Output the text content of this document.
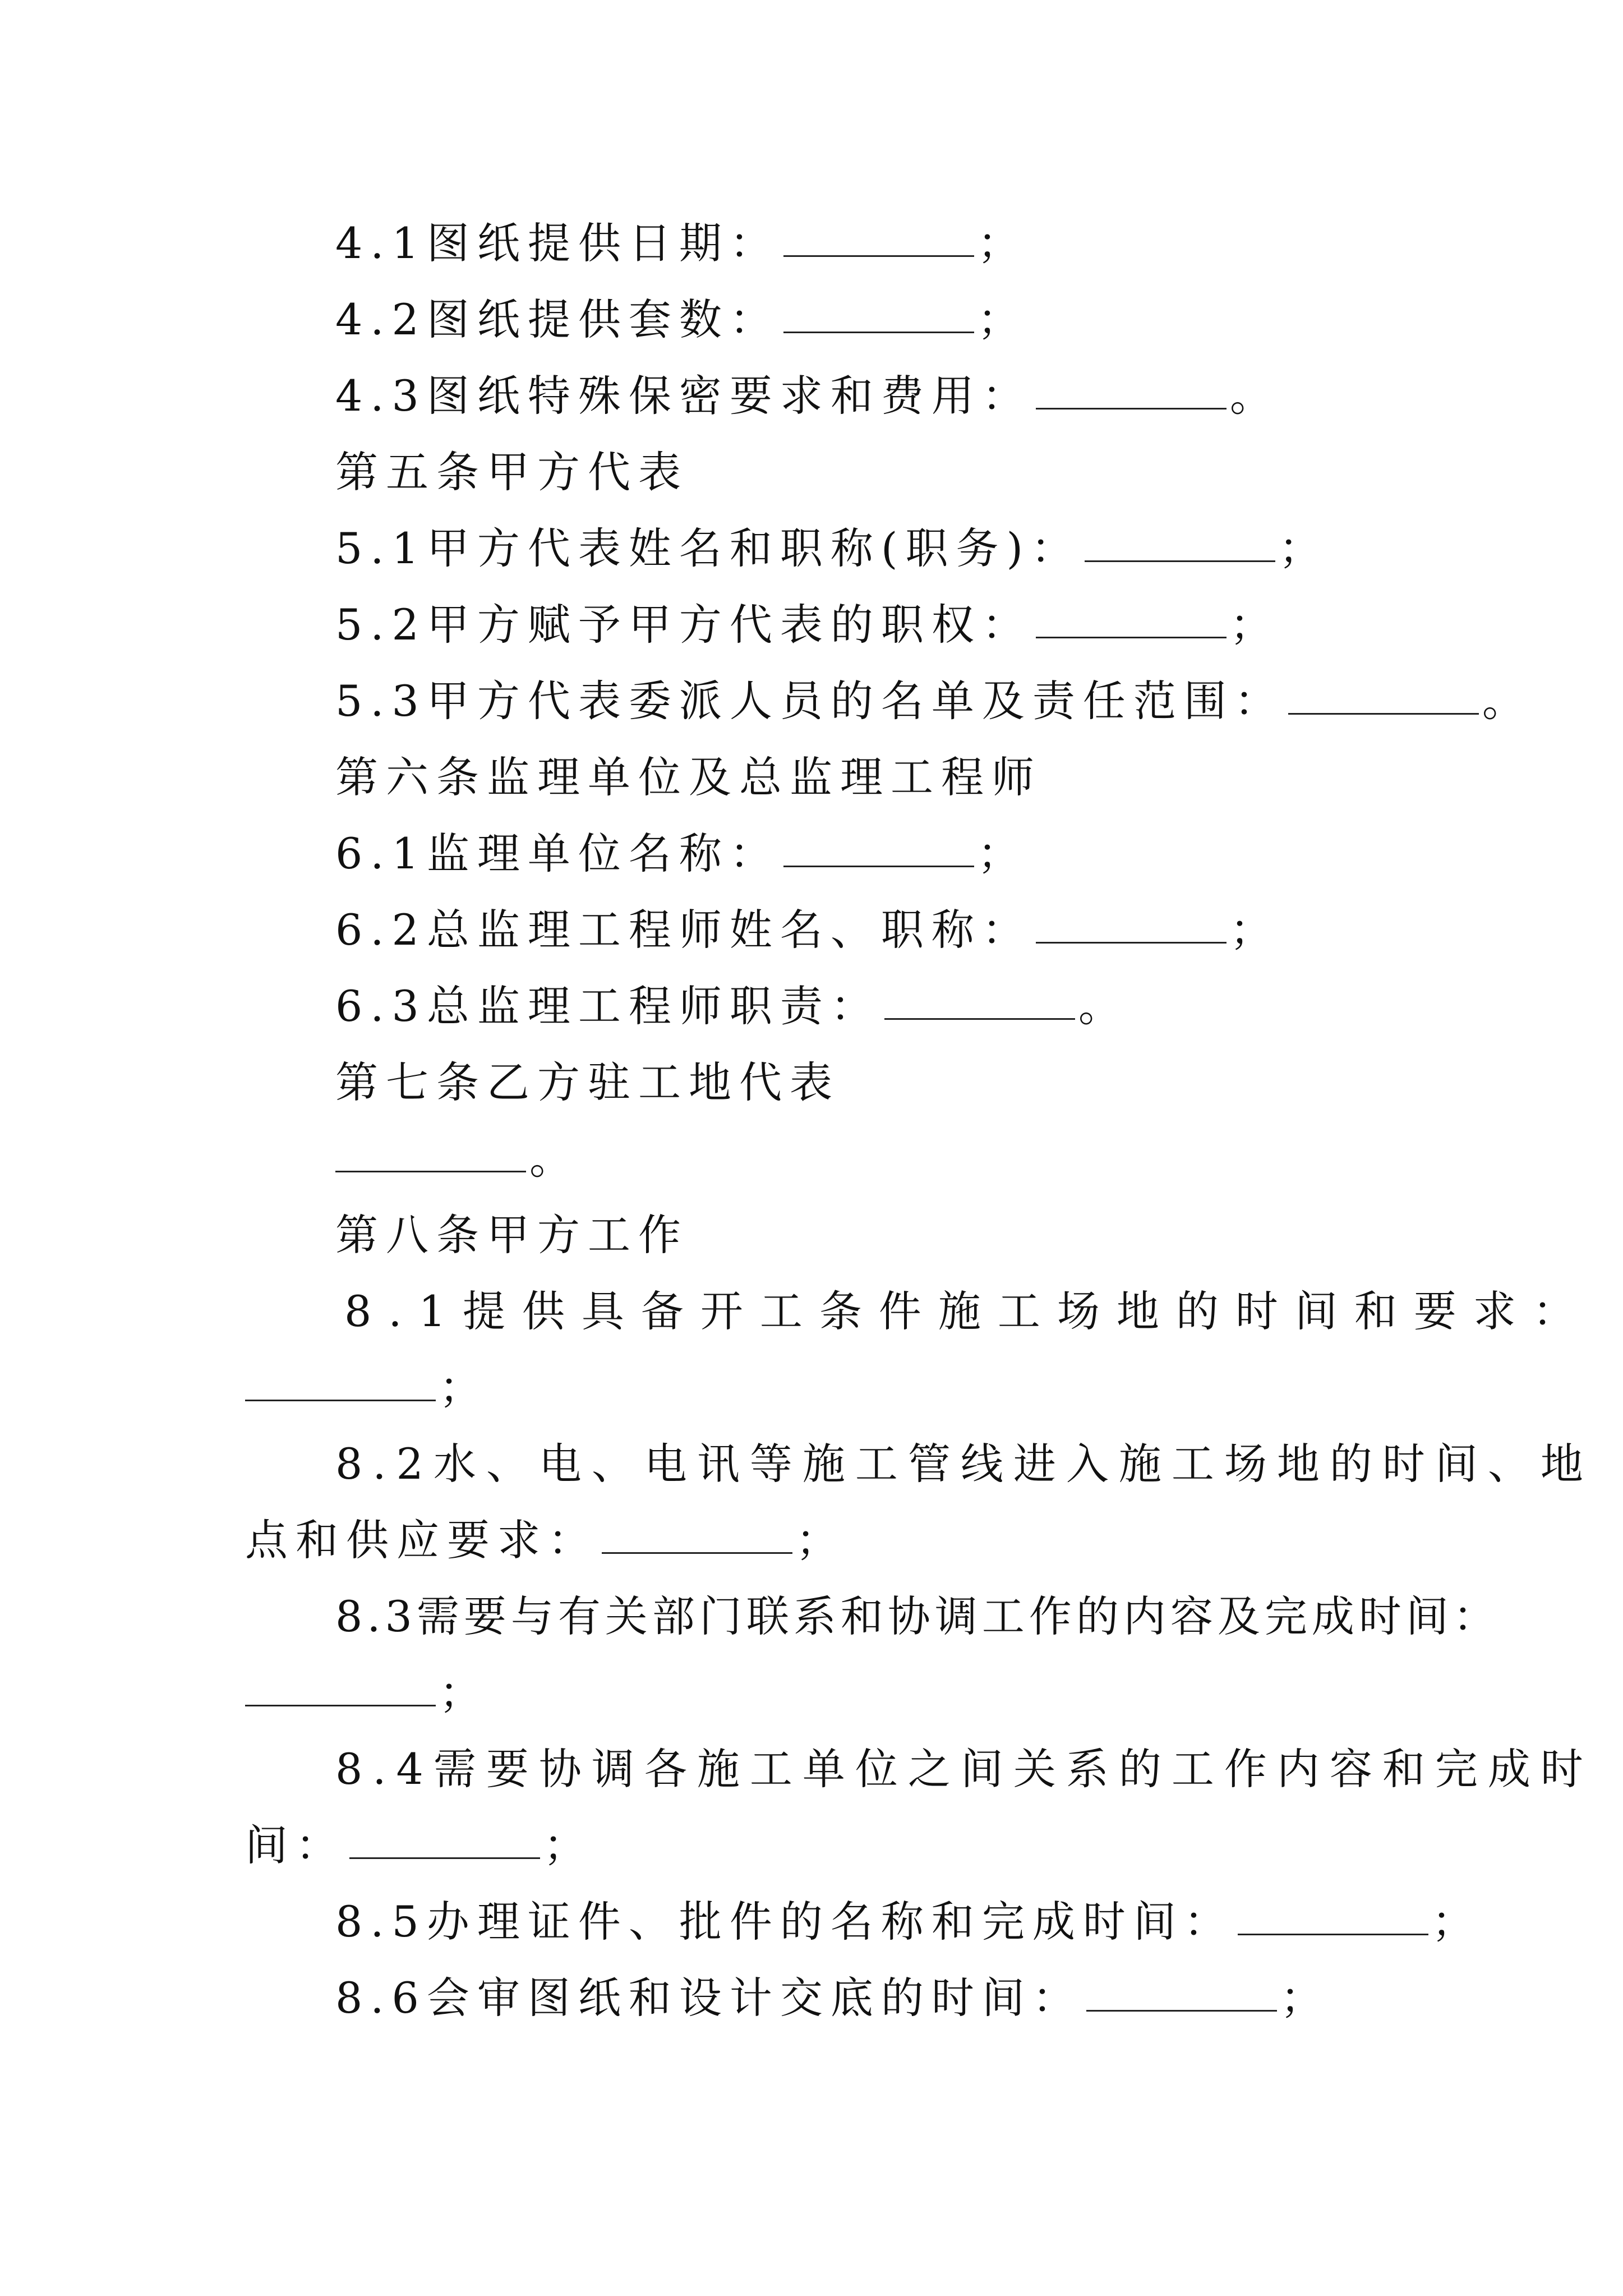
4.1图纸提供日期：	；
4.2图纸提供套数：	；
4.3图纸特殊保密要求和费用：	。
第五条甲方代表
5.1甲方代表姓名和职称(职务)：	；
5.2甲方赋予甲方代表的职权：	；
5.3甲方代表委派人员的名单及责任范围：	。
第六条监理单位及总监理工程师
6.1监理单位名称：	；
6.2总监理工程师姓名、职称：	；
6.3总监理工程师职责：	。
第七条乙方驻工地代表
。
第八条甲方工作
8.1提供具备开工条件施工场地的时间和要求：
；
8.2水、电、电讯等施工管线进入施工场地的时间、地
点和供应要求：	；
8.3需要与有关部门联系和协调工作的内容及完成时间：
；
8.4需要协调各施工单位之间关系的工作内容和完成时
间：	；
8.5办理证件、批件的名称和完成时间：	；
8.6会审图纸和设计交底的时间：	；
